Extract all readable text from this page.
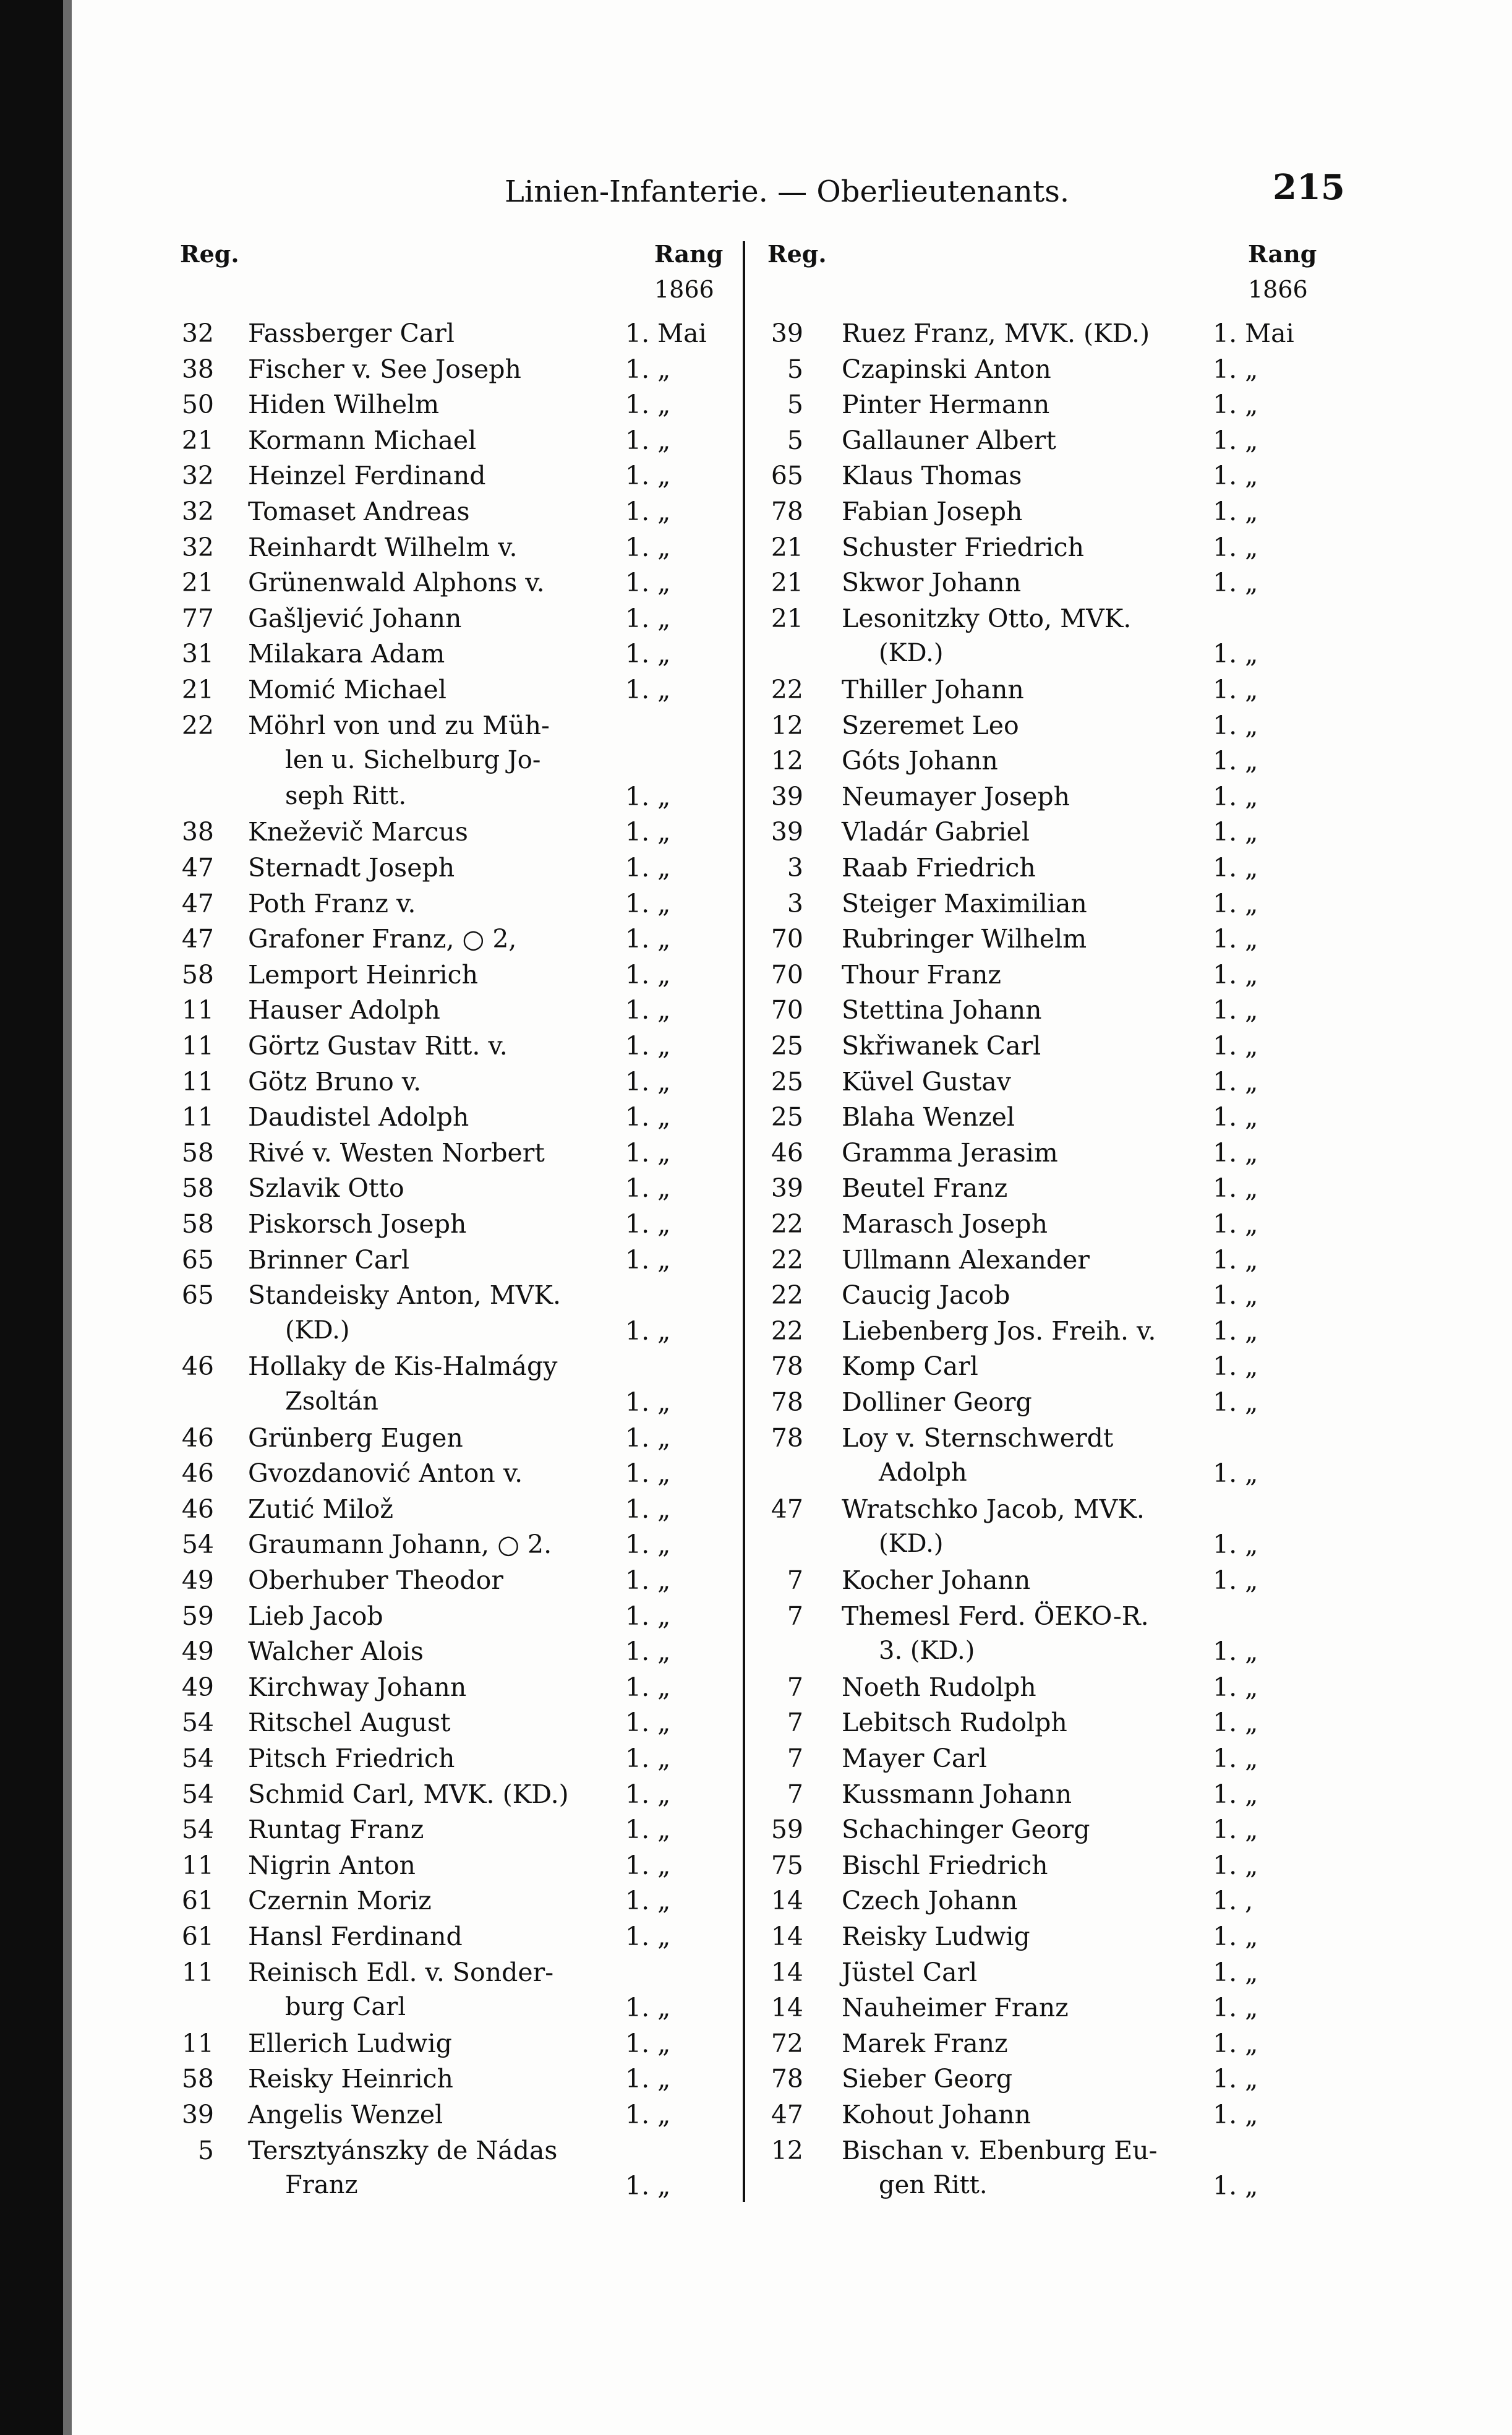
Linien-Infanterie. — Oberlieutenants.	215
Reg.	Rang
1866
32 Fassberger Carl	1. Mai
38 Fischer v. See Joseph	1. „
50 Hiden Wilhelm	1. „
21 Kormann Michael	1. „
32 Heinzel Ferdinand	1. „
32 Tomaset Andreas	1. „
32 Reinhardt Wilhelm v.	1. „
21 Grünenwald Alphons v.	1. „
77 Gašljević Johann	1. „
31 Milakara Adam	1. „
21 Momić Michael	1. „
22 Möhrl von und zu Müh-
len u. Sichelburg Jo-
seph Ritt.	1. „
38 Kneževič Marcus	1. „
47 Sternadt Joseph	1. „
47 Poth Franz v.	1. „
47 Grafoner Franz, ○ 2,	1. „
58 Lemport Heinrich	1. „
11 Hauser Adolph	1. „
11 Görtz Gustav Ritt. v.	1. „
11 Götz Bruno v.	1. „
11 Daudistel Adolph	1. „
58 Rivé v. Westen Norbert	1. „
58 Szlavik Otto	1. „
58 Piskorsch Joseph	1. „
65 Brinner Carl	1. „
65 Standeisky Anton, MVK.
(KD.)	1. „
46 Hollaky de Kis-Halmágy
Zsoltán	1. „
46 Grünberg Eugen	1. „
46 Gvozdanović Anton v.	1. „
46 Zutić Milož	1. „
54 Graumann Johann, ○ 2.	1. „
49 Oberhuber Theodor	1. „
59 Lieb Jacob	1. „
49 Walcher Alois	1. „
49 Kirchway Johann	1. „
54 Ritschel August	1. „
54 Pitsch Friedrich	1. „
54 Schmid Carl, MVK. (KD.) 1. „
54 Runtag Franz	1. „
11 Nigrin Anton	1. „
61 Czernin Moriz	1. „
61 Hansl Ferdinand	1. „
11 Reinisch Edl. v. Sonder-
burg Carl	1. „
11 Ellerich Ludwig	1. „
58 Reisky Heinrich	1. „
39 Angelis Wenzel	1. „
5 Tersztyánszky de Nádas
Franz	1. „
Reg.	Rang
1866
39 Ruez Franz, MVK. (KD.) 1. Mai
5 Czapinski Anton	1. „
5 Pinter Hermann	1. „
5 Gallauner Albert	1. „
65 Klaus Thomas	1. „
78 Fabian Joseph	1. „
21 Schuster Friedrich	1. „
21 Skwor Johann	1. „
21 Lesonitzky Otto, MVK.
(KD.)	1. „
22 Thiller Johann	1. „
12 Szeremet Leo	1. „
12 Góts Johann	1. „
39 Neumayer Joseph	1. „
39 Vladár Gabriel	1. „
3 Raab Friedrich	1. „
3 Steiger Maximilian	1. „
70 Rubringer Wilhelm	1. „
70 Thour Franz	1. „
70 Stettina Johann	1. „
25 Skřiwanek Carl	1. „
25 Küvel Gustav	1. „
25 Blaha Wenzel	1. „
46 Gramma Jerasim	1. „
39 Beutel Franz	1. „
22 Marasch Joseph	1. „
22 Ullmann Alexander	1. „
22 Caucig Jacob	1. „
22 Liebenberg Jos. Freih. v. 1. „
78 Komp Carl	1. „
78 Dolliner Georg	1. „
78 Loy v. Sternschwerdt
Adolph	1. „
47 Wratschko Jacob, MVK.
(KD.)	1. „
7 Kocher Johann	1. „
7 Themesl Ferd. ÖEKO-R.
3. (KD.)	1. „
7 Noeth Rudolph	1. „
7 Lebitsch Rudolph	1. „
7 Mayer Carl	1. „
7 Kussmann Johann	1. „
59 Schachinger Georg	1. „
75 Bischl Friedrich	1. „
14 Czech Johann	1. ,
14 Reisky Ludwig	1. „
14 Jüstel Carl	1. „
14 Nauheimer Franz	1. „
72 Marek Franz	1. „
78 Sieber Georg	1. „
47 Kohout Johann	1. „
12 Bischan v. Ebenburg Eu-
gen Ritt.	1. „
